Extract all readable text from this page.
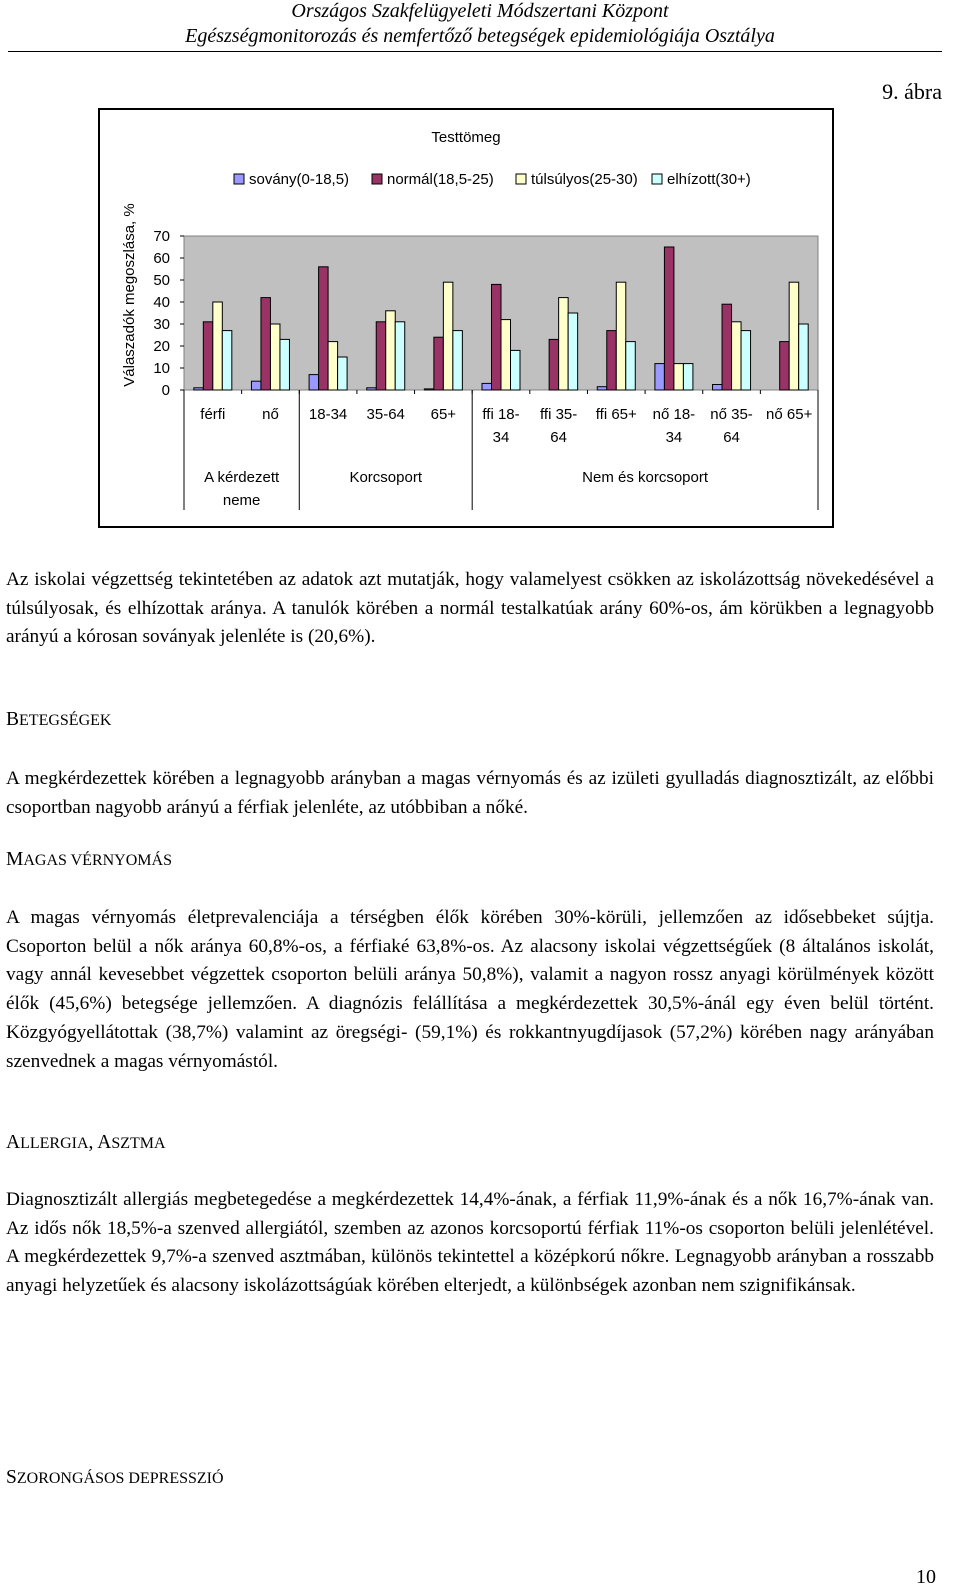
Országos Szakfelügyeleti Módszertani Központ
Egészségmonitorozás és nemfertőző betegségek epidemiológiája Osztálya
9. ábra
Testtömeg
sovány(0-18,5)	normál(18,5-25) túlsúlyos(25-30) elhízott(30+)
70
60
50
40
30
20
10
0
Válaszadók megoszlása, %
férfi nő 18-34 35-64 65+ ffi 18-
34
ffi 35-
64
ffi 65+ nő 18-
34
nő 35-
64
nő 65+
A kérdezett
neme
Korcsoport	Nem és korcsoport

Az iskolai végzettség tekintetében az adatok azt mutatják, hogy valamelyest csökken az iskolázottság növekedésével a túlsúlyosak, és elhízottak aránya. A tanulók körében a normál testalkatúak arány 60%-os, ám körükben a legnagyobb arányú a kórosan soványak jelenléte is (20,6%).

BETEGSÉGEK

A megkérdezettek körében a legnagyobb arányban a magas vérnyomás és az izületi gyulladás diagnosztizált, az előbbi csoportban nagyobb arányú a férfiak jelenléte, az utóbbiban a nőké.

MAGAS VÉRNYOMÁS

A magas vérnyomás életprevalenciája a térségben élők körében 30%-körüli, jellemzően az idősebbeket sújtja. Csoporton belül a nők aránya 60,8%-os, a férfiaké 63,8%-os. Az alacsony iskolai végzettségűek (8 általános iskolát, vagy annál kevesebbet végzettek csoporton belüli aránya 50,8%), valamit a nagyon rossz anyagi körülmények között élők (45,6%) betegsége jellemzően. A diagnózis felállítása a megkérdezettek 30,5%-ánál egy éven belül történt. Közgyógyellátottak (38,7%) valamint az öregségi- (59,1%) és rokkantnyugdíjasok (57,2%) körében nagy arányában szenvednek a magas vérnyomástól.

ALLERGIA, ASZTMA

Diagnosztizált allergiás megbetegedése a megkérdezettek 14,4%-ának, a férfiak 11,9%-ának és a nők 16,7%-ának van. Az idős nők 18,5%-a szenved allergiától, szemben az azonos korcsoportú férfiak 11%-os csoporton belüli jelenlétével. A megkérdezettek 9,7%-a szenved asztmában, különös tekintettel a középkorú nőkre. Legnagyobb arányban a rosszabb anyagi helyzetűek és alacsony iskolázottságúak körében elterjedt, a különbségek azonban nem szignifikánsak.

SZORONGÁSOS DEPRESSZIÓ

10
